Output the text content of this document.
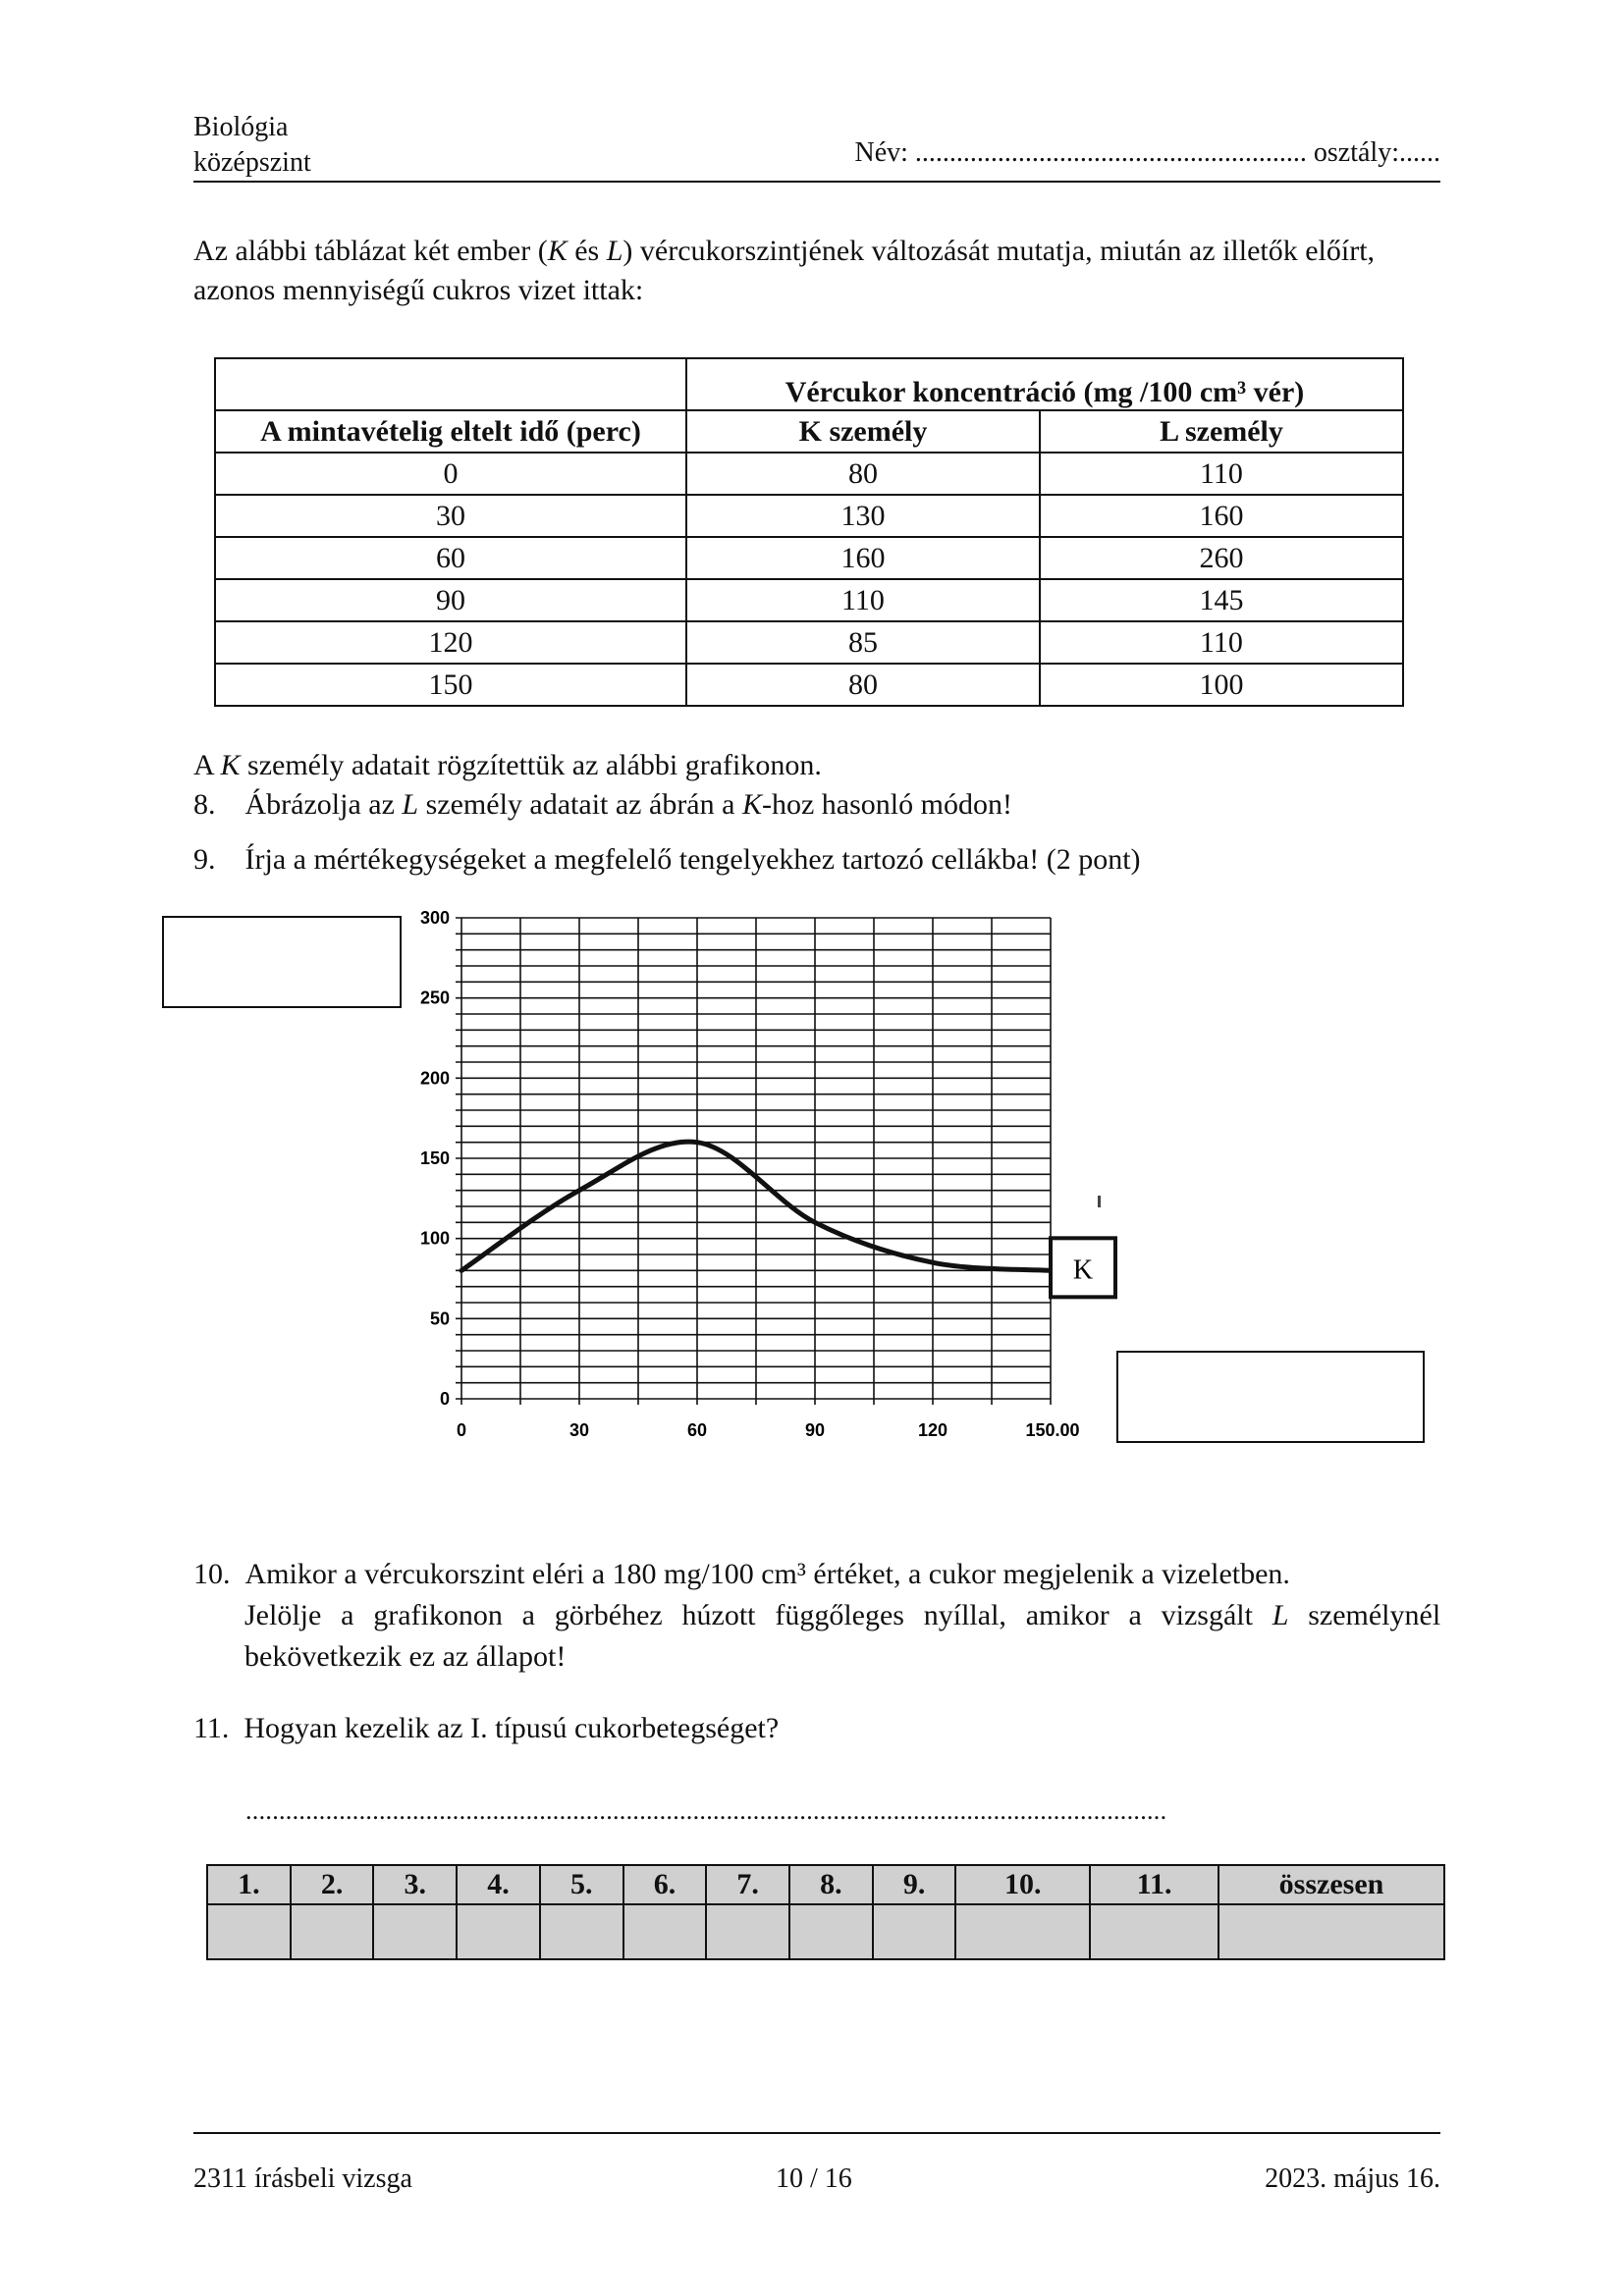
Biológia
középszint	Név: ......................................................... osztály:......
Az alábbi táblázat két ember (K és L) vércukorszintjének változását mutatja, miután az illetők előírt, azonos mennyiségű cukros vizet ittak:
	Vércukor koncentráció (mg /100 cm³ vér)	
A mintavételig eltelt idő (perc)	K személy	L személy
0	80	110
30	130	160
60	160	260
90	110	145
120	85	110
150	80	100
A K személy adatait rögzítettük az alábbi grafikonon.
8. Ábrázolja az L személy adatait az ábrán a K-hoz hasonló módon!
9. Írja a mértékegységeket a megfelelő tengelyekhez tartozó cellákba! (2 pont)
0
50
100
150
200
250
300
0	30	60	90	120	150.00
K
10. Amikor a vércukorszint eléri a 180 mg/100 cm³ értéket, a cukor megjelenik a vizeletben.
Jelölje a grafikonon a görbéhez húzott függőleges nyíllal, amikor a vizsgált L személynél bekövetkezik ez az állapot!
11. Hogyan kezelik az I. típusú cukorbetegséget?
..........................................................................................................................................
1.	2.	3.	4.	5.	6.	7.	8.	9.	10.	11.	összesen

2311 írásbeli vizsga	10 / 16	2023. május 16.
